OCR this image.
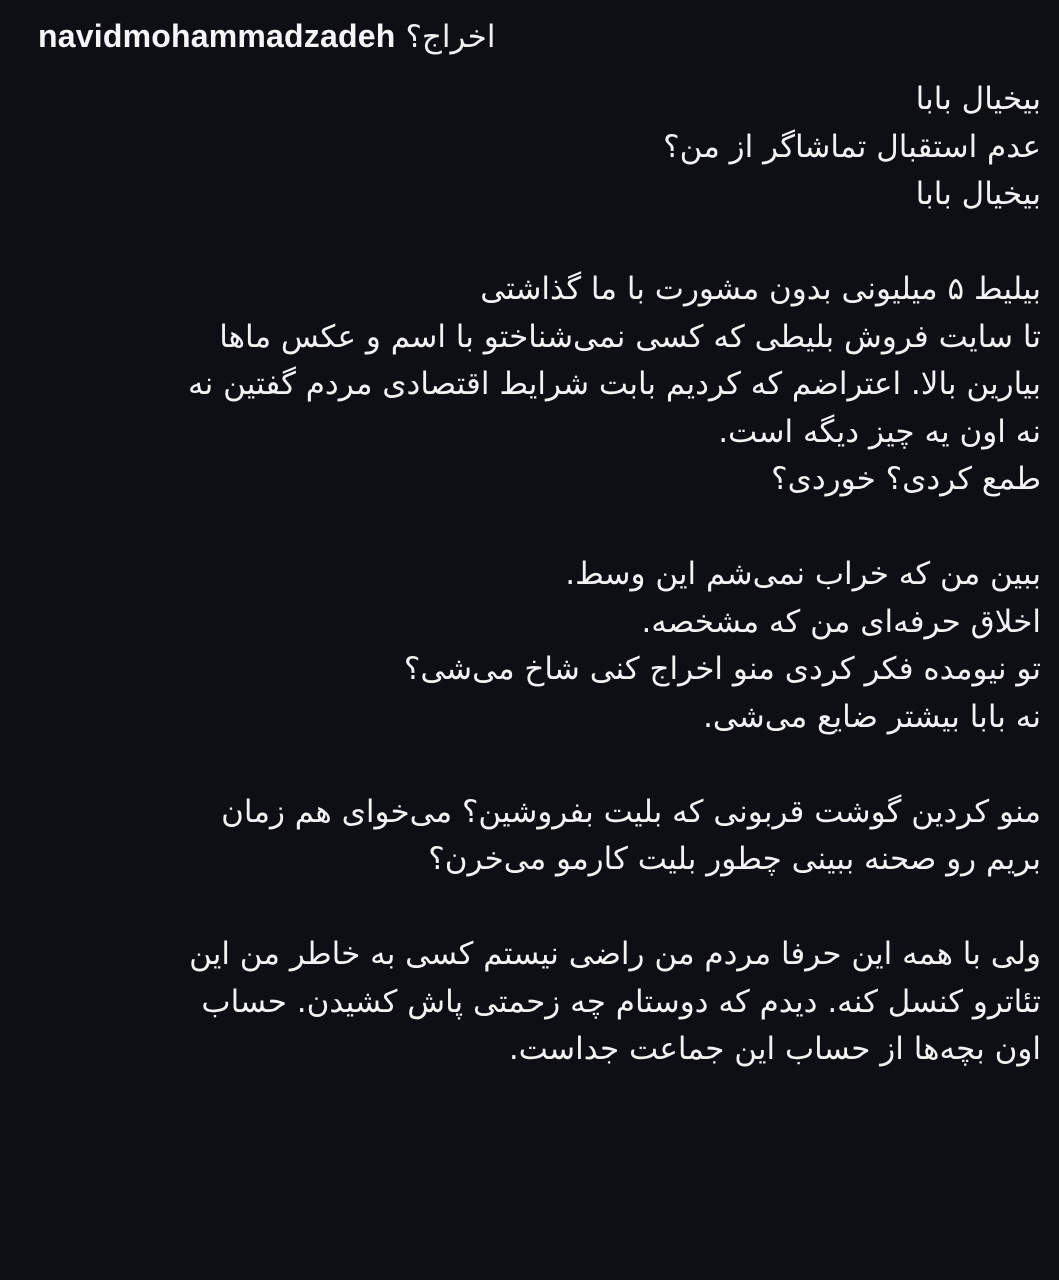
navidmohammadzadeh اخراج؟
بیخیال بابا
عدم استقبال تماشاگر از من؟
بیخیال بابا
بیلیط ۵ میلیونی بدون مشورت با ما گذاشتی
تا سایت فروش بلیطی که کسی نمی‌شناختو با اسم و عکس ماها
بیارین بالا. اعتراضم که کردیم بابت شرایط اقتصادی مردم گفتین نه
نه اون یه چیز دیگه است.
طمع کردی؟ خوردی؟
ببین من که خراب نمی‌شم این وسط.
اخلاق حرفه‌ای من که مشخصه.
تو نیومده فکر کردی منو اخراج کنی شاخ می‌شی؟
نه بابا بیشتر ضایع می‌شی.
منو کردین گوشت قربونی که بلیت بفروشین؟ می‌خوای هم زمان
بریم رو صحنه ببینی چطور بلیت کارمو می‌خرن؟
ولی با همه این حرفا مردم من راضی نیستم کسی به خاطر من این
تئاترو کنسل کنه. دیدم که دوستام چه زحمتی پاش کشیدن. حساب
اون بچه‌ها از حساب این جماعت جداست.
